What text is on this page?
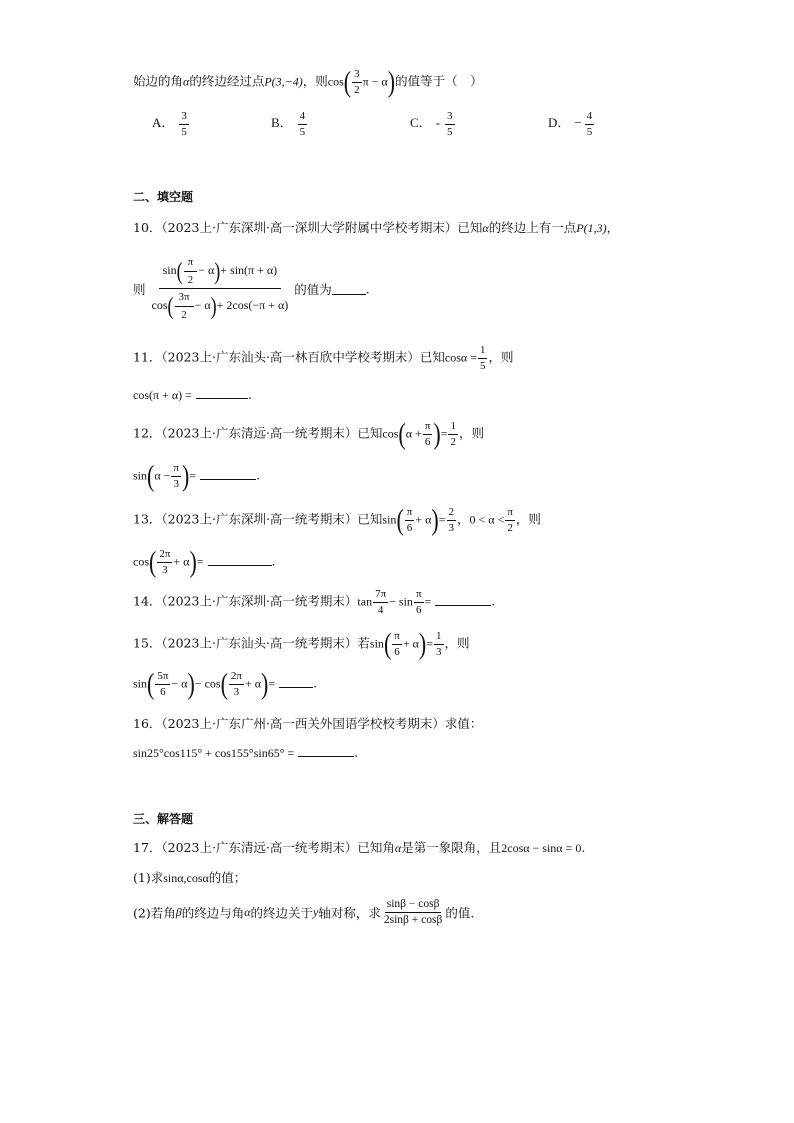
始边的角α的终边经过点P(3,−4)，则$\cos( \frac{3}{2}$ π − α)的值等于（　）
A． $\frac{3}{5}$	B． $\frac{4}{5}$	C． - $\frac{3}{5}$	D． − $\frac{4}{5}$
二、填空题
10．（2023上·广东深圳·高一深圳大学附属中学校考期末）已知α的终边上有一点P(1,3)，
则 $\frac{\sin( \frac{\pi}{2} - \alpha)+ \sin(\pi + \alpha)}{\cos( \frac{3\pi}{2} - \alpha)+ 2\cos(-\pi + \alpha)}$ 的值为	.
11．（2023上·广东汕头·高一林百欣中学校考期末）已知$\cos\alpha = \frac{1}{5}$ ，则
cos(π + α) =	.
12．（2023上·广东清远·高一统考期末）已知$\cos(\alpha + \frac{\pi}{6}$ )= $\frac{1}{2}$ ，则
$\sin(\alpha - \frac{\pi}{3}$ )=	.
13．（2023上·广东深圳·高一统考期末）已知$\sin( \frac{\pi}{6} + \alpha)= \frac{2}{3}$ ，$0 < \alpha < \frac{\pi}{2}$ ，则
$\cos( \frac{2\pi}{3} + \alpha)=$	.
14．（2023上·广东深圳·高一统考期末）$\tan \frac{7\pi}{4} - \sin \frac{\pi}{6}$ =	.
15．（2023上·广东汕头·高一统考期末）若$\sin( \frac{\pi}{6} + \alpha)= \frac{1}{3}$ ，则
$\sin( \frac{5\pi}{6} - \alpha)- \cos( \frac{2\pi}{3} + \alpha)=$	.
16．（2023上·广东广州·高一西关外国语学校校考期末）求值：
sin25°cos115° + cos155°sin65° =	.
三、解答题
17．（2023上·广东清远·高一统考期末）已知角α是第一象限角，且2cosα − sinα = 0.
(1)求sinα,cosα的值；
(2)若角β的终边与角α的终边关于y轴对称，求 $\frac{\sin\beta - \cos\beta}{2\sin\beta + \cos\beta}$ 的值.
